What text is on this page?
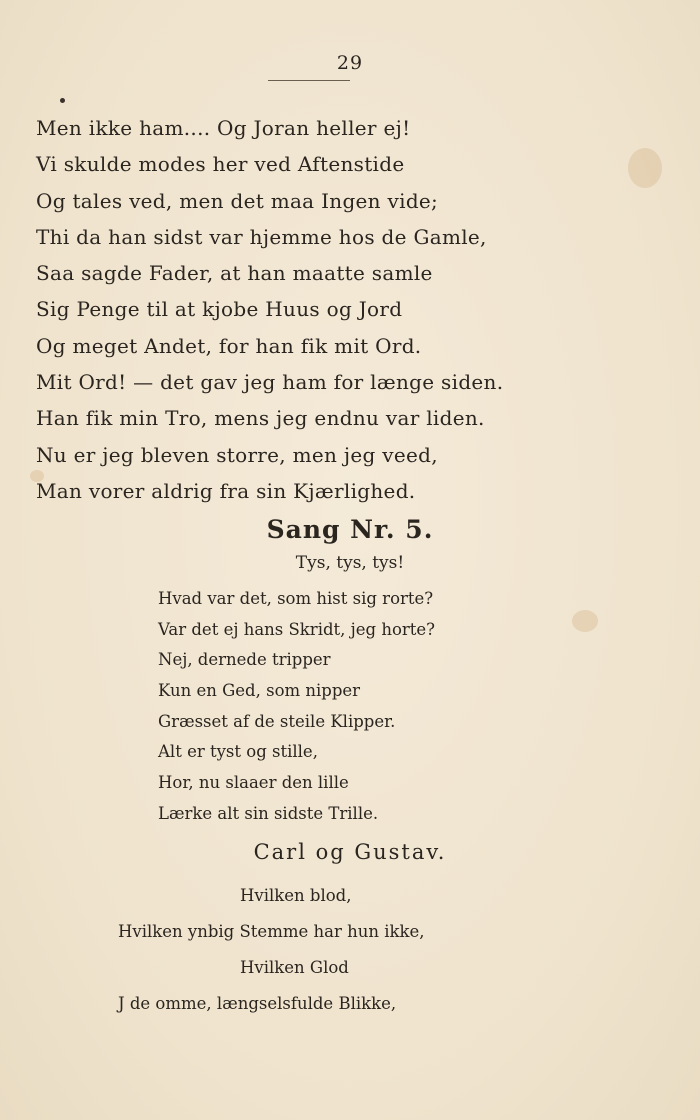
29
Men ikke ham.... Og Joran heller ej!
Vi skulde modes her ved Aftenstide
Og tales ved, men det maa Ingen vide;
Thi da han sidst var hjemme hos de Gamle,
Saa sagde Fader, at han maatte samle
Sig Penge til at kjobe Huus og Jord
Og meget Andet, for han fik mit Ord.
Mit Ord! — det gav jeg ham for længe siden.
Han fik min Tro, mens jeg endnu var liden.
Nu er jeg bleven storre, men jeg veed,
Man vorer aldrig fra sin Kjærlighed.
Sang Nr. 5.
Tys, tys, tys!
Hvad var det, som hist sig rorte?
Var det ej hans Skridt, jeg horte?
Nej, dernede tripper
Kun en Ged, som nipper
Græsset af de steile Klipper.
Alt er tyst og stille,
Hor, nu slaaer den lille
Lærke alt sin sidste Trille.
Carl og Gustav.
Hvilken blod,
Hvilken ynbig Stemme har hun ikke,
Hvilken Glod
J de omme, længselsfulde Blikke,
